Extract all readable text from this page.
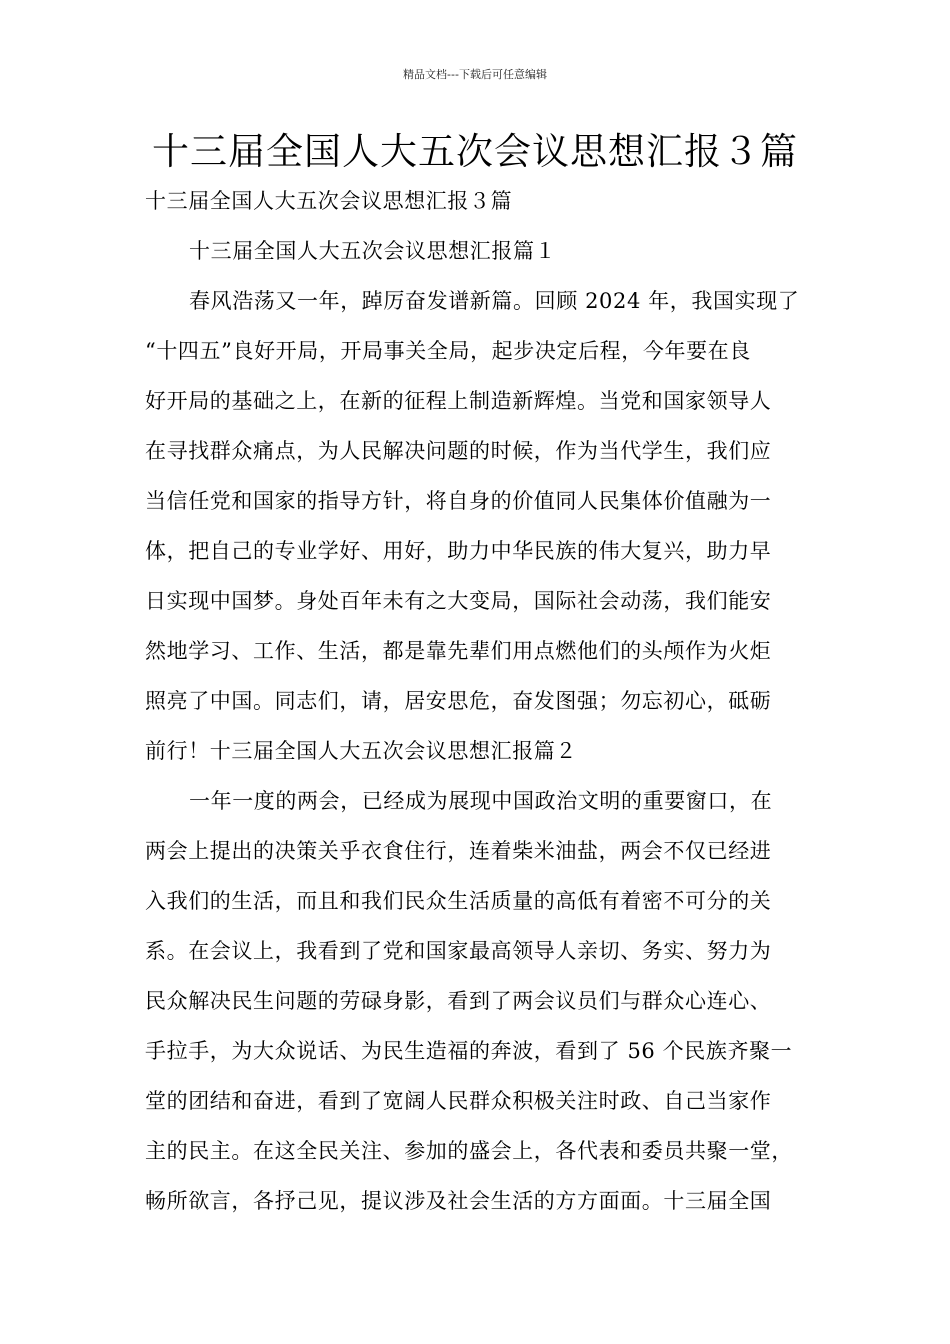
精品文档---下载后可任意编辑
十三届全国人大五次会议思想汇报３篇
十三届全国人大五次会议思想汇报３篇
十三届全国人大五次会议思想汇报篇１
春风浩荡又一年，踔厉奋发谱新篇。回顾 2024 年，我国实现了
“十四五”良好开局，开局事关全局，起步决定后程，今年要在良
好开局的基础之上，在新的征程上制造新辉煌。当党和国家领导人
在寻找群众痛点，为人民解决问题的时候，作为当代学生，我们应
当信任党和国家的指导方针，将自身的价值同人民集体价值融为一
体，把自己的专业学好、用好，助力中华民族的伟大复兴，助力早
日实现中国梦。身处百年未有之大变局，国际社会动荡，我们能安
然地学习、工作、生活，都是靠先辈们用点燃他们的头颅作为火炬
照亮了中国。同志们，请，居安思危，奋发图强；勿忘初心，砥砺
前行！十三届全国人大五次会议思想汇报篇２
一年一度的两会，已经成为展现中国政治文明的重要窗口，在
两会上提出的决策关乎衣食住行，连着柴米油盐，两会不仅已经进
入我们的生活，而且和我们民众生活质量的高低有着密不可分的关
系。在会议上，我看到了党和国家最高领导人亲切、务实、努力为
民众解决民生问题的劳碌身影，看到了两会议员们与群众心连心、
手拉手，为大众说话、为民生造福的奔波，看到了 56 个民族齐聚一
堂的团结和奋进，看到了宽阔人民群众积极关注时政、自己当家作
主的民主。在这全民关注、参加的盛会上，各代表和委员共聚一堂，
畅所欲言，各抒己见，提议涉及社会生活的方方面面。十三届全国
